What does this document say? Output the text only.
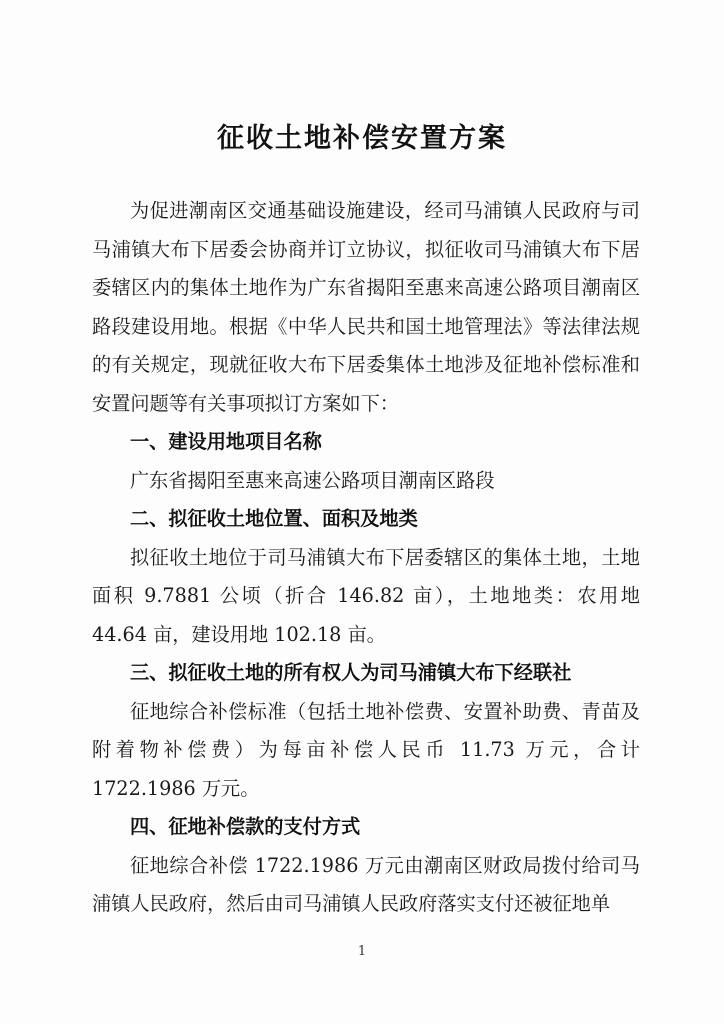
征收土地补偿安置方案

为促进潮南区交通基础设施建设，经司马浦镇人民政府与司马浦镇大布下居委会协商并订立协议，拟征收司马浦镇大布下居委辖区内的集体土地作为广东省揭阳至惠来高速公路项目潮南区路段建设用地。根据《中华人民共和国土地管理法》等法律法规的有关规定，现就征收大布下居委集体土地涉及征地补偿标准和安置问题等有关事项拟订方案如下：

一、建设用地项目名称

广东省揭阳至惠来高速公路项目潮南区路段

二、拟征收土地位置、面积及地类

拟征收土地位于司马浦镇大布下居委辖区的集体土地，土地面积 9.7881 公顷（折合 146.82 亩），土地地类：农用地 44.64 亩，建设用地 102.18 亩。

三、拟征收土地的所有权人为司马浦镇大布下经联社

征地综合补偿标准（包括土地补偿费、安置补助费、青苗及附着物补偿费）为每亩补偿人民币 11.73 万元，合计 1722.1986 万元。

四、征地补偿款的支付方式

征地综合补偿 1722.1986 万元由潮南区财政局拨付给司马浦镇人民政府，然后由司马浦镇人民政府落实支付还被征地单

1
